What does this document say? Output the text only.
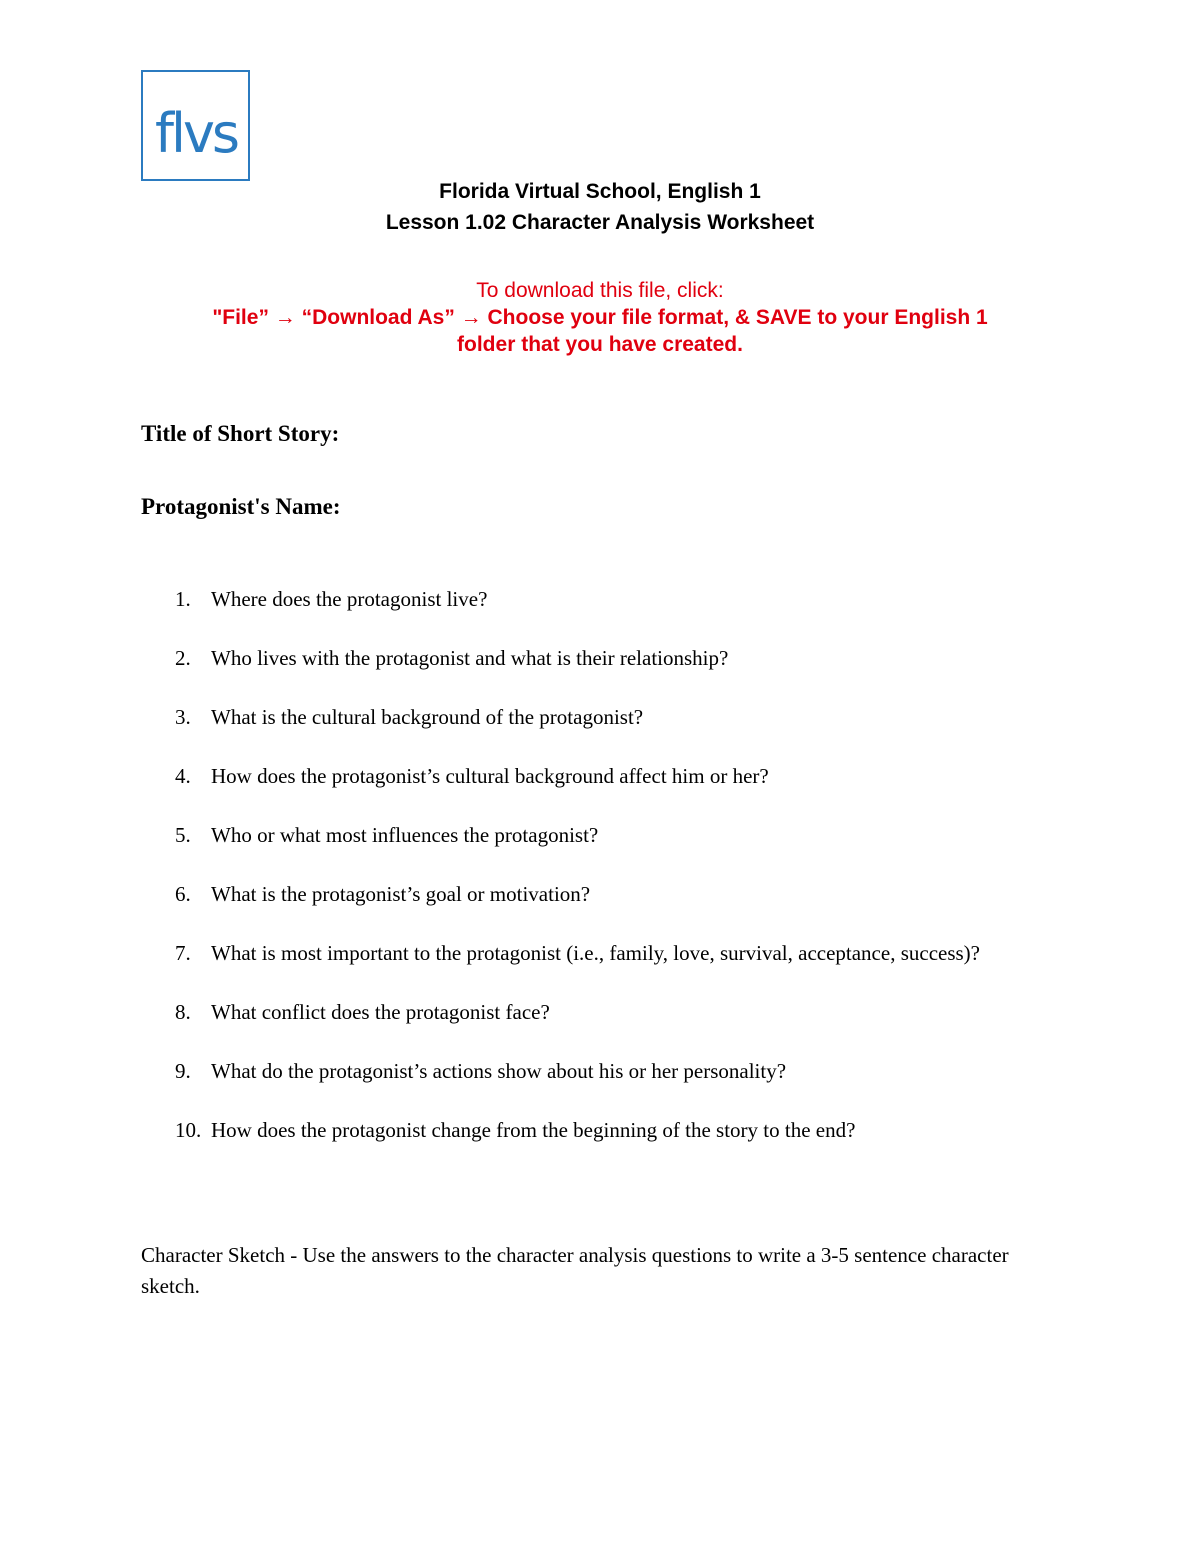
flvs
Florida Virtual School, English 1
Lesson 1.02 Character Analysis Worksheet
To download this file, click:
"File” → “Download As” → Choose your file format, & SAVE to your English 1
folder that you have created.
Title of Short Story:
Protagonist's Name:
1. Where does the protagonist live?
2. Who lives with the protagonist and what is their relationship?
3. What is the cultural background of the protagonist?
4. How does the protagonist’s cultural background affect him or her?
5. Who or what most influences the protagonist?
6. What is the protagonist’s goal or motivation?
7. What is most important to the protagonist (i.e., family, love, survival, acceptance, success)?
8. What conflict does the protagonist face?
9. What do the protagonist’s actions show about his or her personality?
10. How does the protagonist change from the beginning of the story to the end?
Character Sketch - Use the answers to the character analysis questions to write a 3-5 sentence character sketch.
